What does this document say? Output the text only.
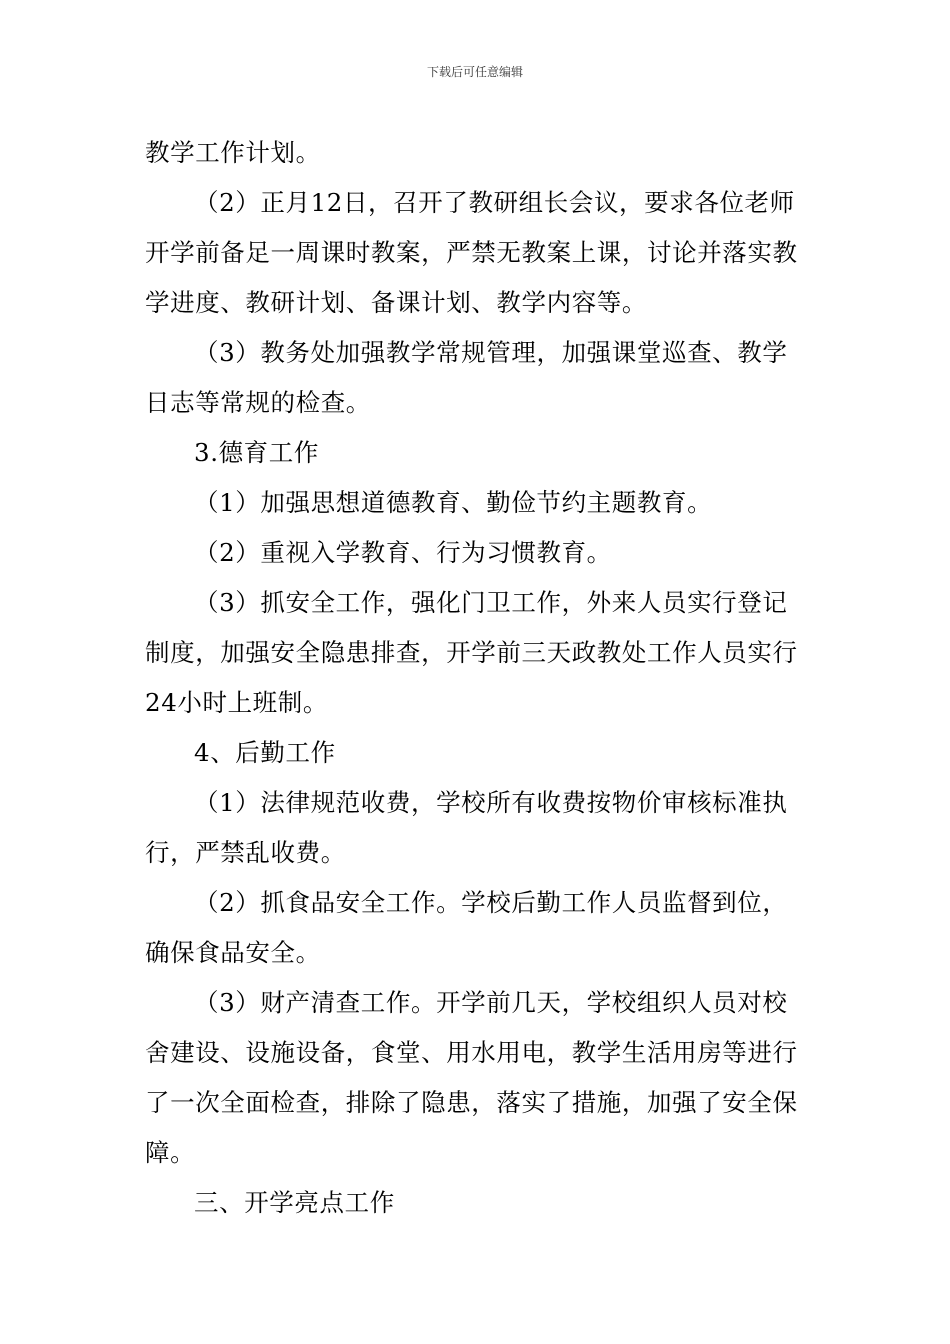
下载后可任意编辑

教学工作计划。

（2）正月12日，召开了教研组长会议，要求各位老师开学前备足一周课时教案，严禁无教案上课，讨论并落实教学进度、教研计划、备课计划、教学内容等。

（3）教务处加强教学常规管理，加强课堂巡查、教学日志等常规的检查。

3.德育工作

（1）加强思想道德教育、勤俭节约主题教育。

（2）重视入学教育、行为习惯教育。

（3）抓安全工作，强化门卫工作，外来人员实行登记制度，加强安全隐患排查，开学前三天政教处工作人员实行24小时上班制。

4、后勤工作

（1）法律规范收费，学校所有收费按物价审核标准执行，严禁乱收费。

（2）抓食品安全工作。学校后勤工作人员监督到位，确保食品安全。

（3）财产清查工作。开学前几天，学校组织人员对校舍建设、设施设备，食堂、用水用电，教学生活用房等进行了一次全面检查，排除了隐患，落实了措施，加强了安全保障。

三、开学亮点工作
